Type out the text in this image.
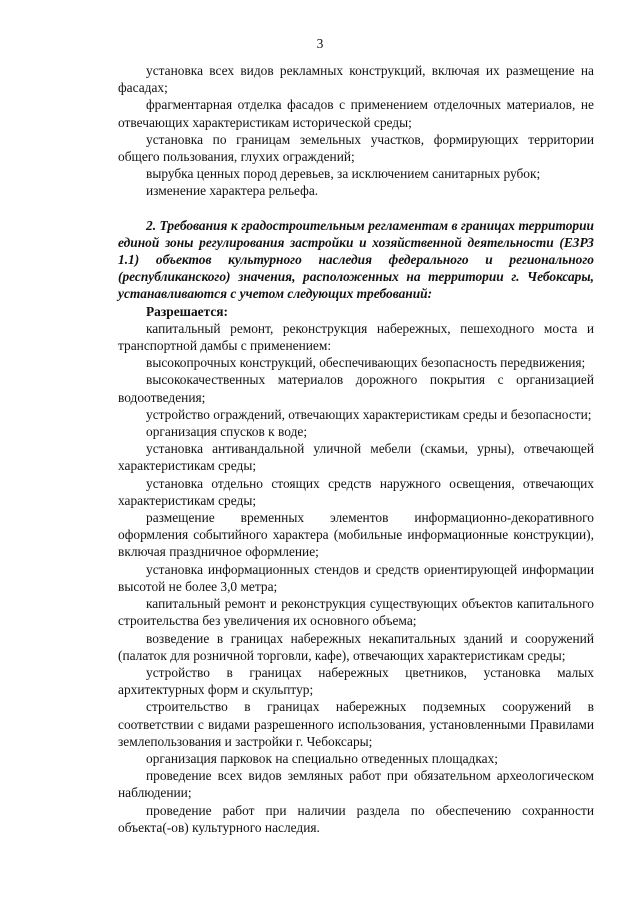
3

установка всех видов рекламных конструкций, включая их размещение на фасадах;

фрагментарная отделка фасадов с применением отделочных материалов, не отвечающих характеристикам исторической среды;

установка по границам земельных участков, формирующих территории общего пользования, глухих ограждений;

вырубка ценных пород деревьев, за исключением санитарных рубок;

изменение характера рельефа.

2. Требования к градостроительным регламентам в границах территории единой зоны регулирования застройки и хозяйственной деятельности (ЕЗРЗ 1.1) объектов культурного наследия федерального и регионального (республиканского) значения, расположенных на территории г. Чебоксары, устанавливаются с учетом следующих требований:

Разрешается:

капитальный ремонт, реконструкция набережных, пешеходного моста и транспортной дамбы с применением:

высокопрочных конструкций, обеспечивающих безопасность передвижения;

высококачественных материалов дорожного покрытия с организацией водоотведения;

устройство ограждений, отвечающих характеристикам среды и безопасности;

организация спусков к воде;

установка антивандальной уличной мебели (скамьи, урны), отвечающей характеристикам среды;

установка отдельно стоящих средств наружного освещения, отвечающих характеристикам среды;

размещение временных элементов информационно-декоративного оформления событийного характера (мобильные информационные конструкции), включая праздничное оформление;

установка информационных стендов и средств ориентирующей информации высотой не более 3,0 метра;

капитальный ремонт и реконструкция существующих объектов капитального строительства без увеличения их основного объема;

возведение в границах набережных некапитальных зданий и сооружений (палаток для розничной торговли, кафе), отвечающих характеристикам среды;

устройство в границах набережных цветников, установка малых архитектурных форм и скульптур;

строительство в границах набережных подземных сооружений в соответствии с видами разрешенного использования, установленными Правилами землепользования и застройки г. Чебоксары;

организация парковок на специально отведенных площадках;

проведение всех видов земляных работ при обязательном археологическом наблюдении;

проведение работ при наличии раздела по обеспечению сохранности объекта(-ов) культурного наследия.
